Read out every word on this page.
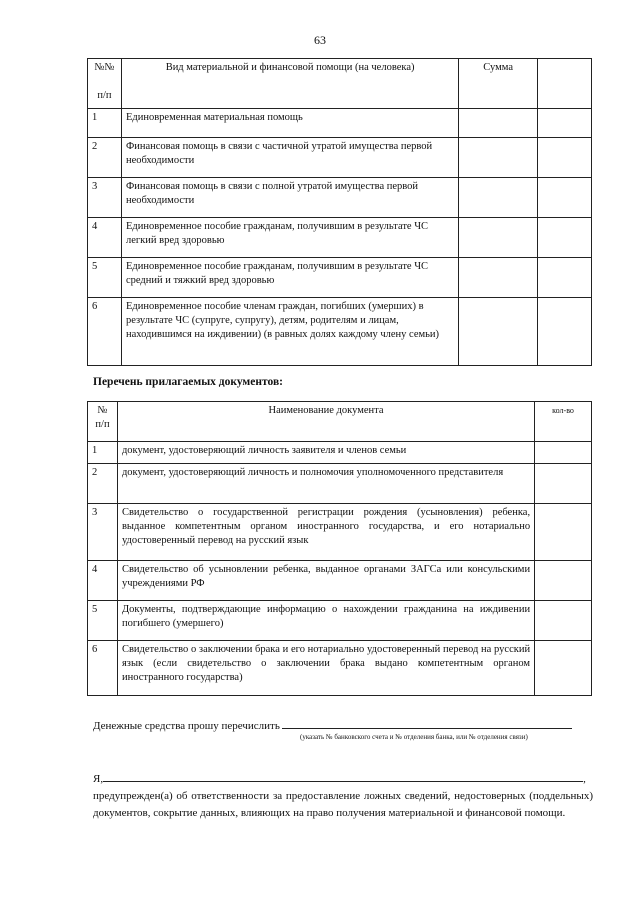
63
№№

п/п	Вид материальной и финансовой помощи (на человека)	Сумма	
1	Единовременная материальная помощь		
2	Финансовая помощь в связи с частичной утратой имущества первой необходимости		
3	Финансовая помощь в связи с полной утратой имущества первой необходимости		
4	Единовременное пособие гражданам, получившим в результате ЧС легкий вред здоровью		
5	Единовременное пособие гражданам, получившим в результате ЧС средний и тяжкий вред здоровью		
6	Единовременное пособие членам граждан, погибших (умерших) в результате ЧС (супруге, супругу), детям, родителям и лицам, находившимся на иждивении) (в равных долях каждому члену семьи)		
Перечень прилагаемых документов:
№
п/п	Наименование документа	кол-во
1	документ, удостоверяющий личность заявителя и членов семьи	
2	документ, удостоверяющий личность и полномочия уполномоченного представителя	
3	Свидетельство о государственной регистрации рождения (усыновления) ребенка, выданное компетентным органом иностранного государства, и его нотариально удостоверенный перевод на русский язык	
4	Свидетельство об усыновлении ребенка, выданное органами ЗАГСа или консульскими учреждениями РФ	
5	Документы, подтверждающие информацию о нахождении гражданина на иждивении погибшего (умершего)	
6	Свидетельство о заключении брака и его нотариально удостоверенный перевод на русский язык (если свидетельство о заключении брака выдано компетентным органом иностранного государства)	
Денежные средства прошу перечислить
(указать № банковского счета и № отделения банка, или № отделения связи)
Я,	,
предупрежден(а) об ответственности за предоставление ложных сведений, недостоверных (поддельных) документов, сокрытие данных, влияющих на право получения материальной и финансовой помощи.
